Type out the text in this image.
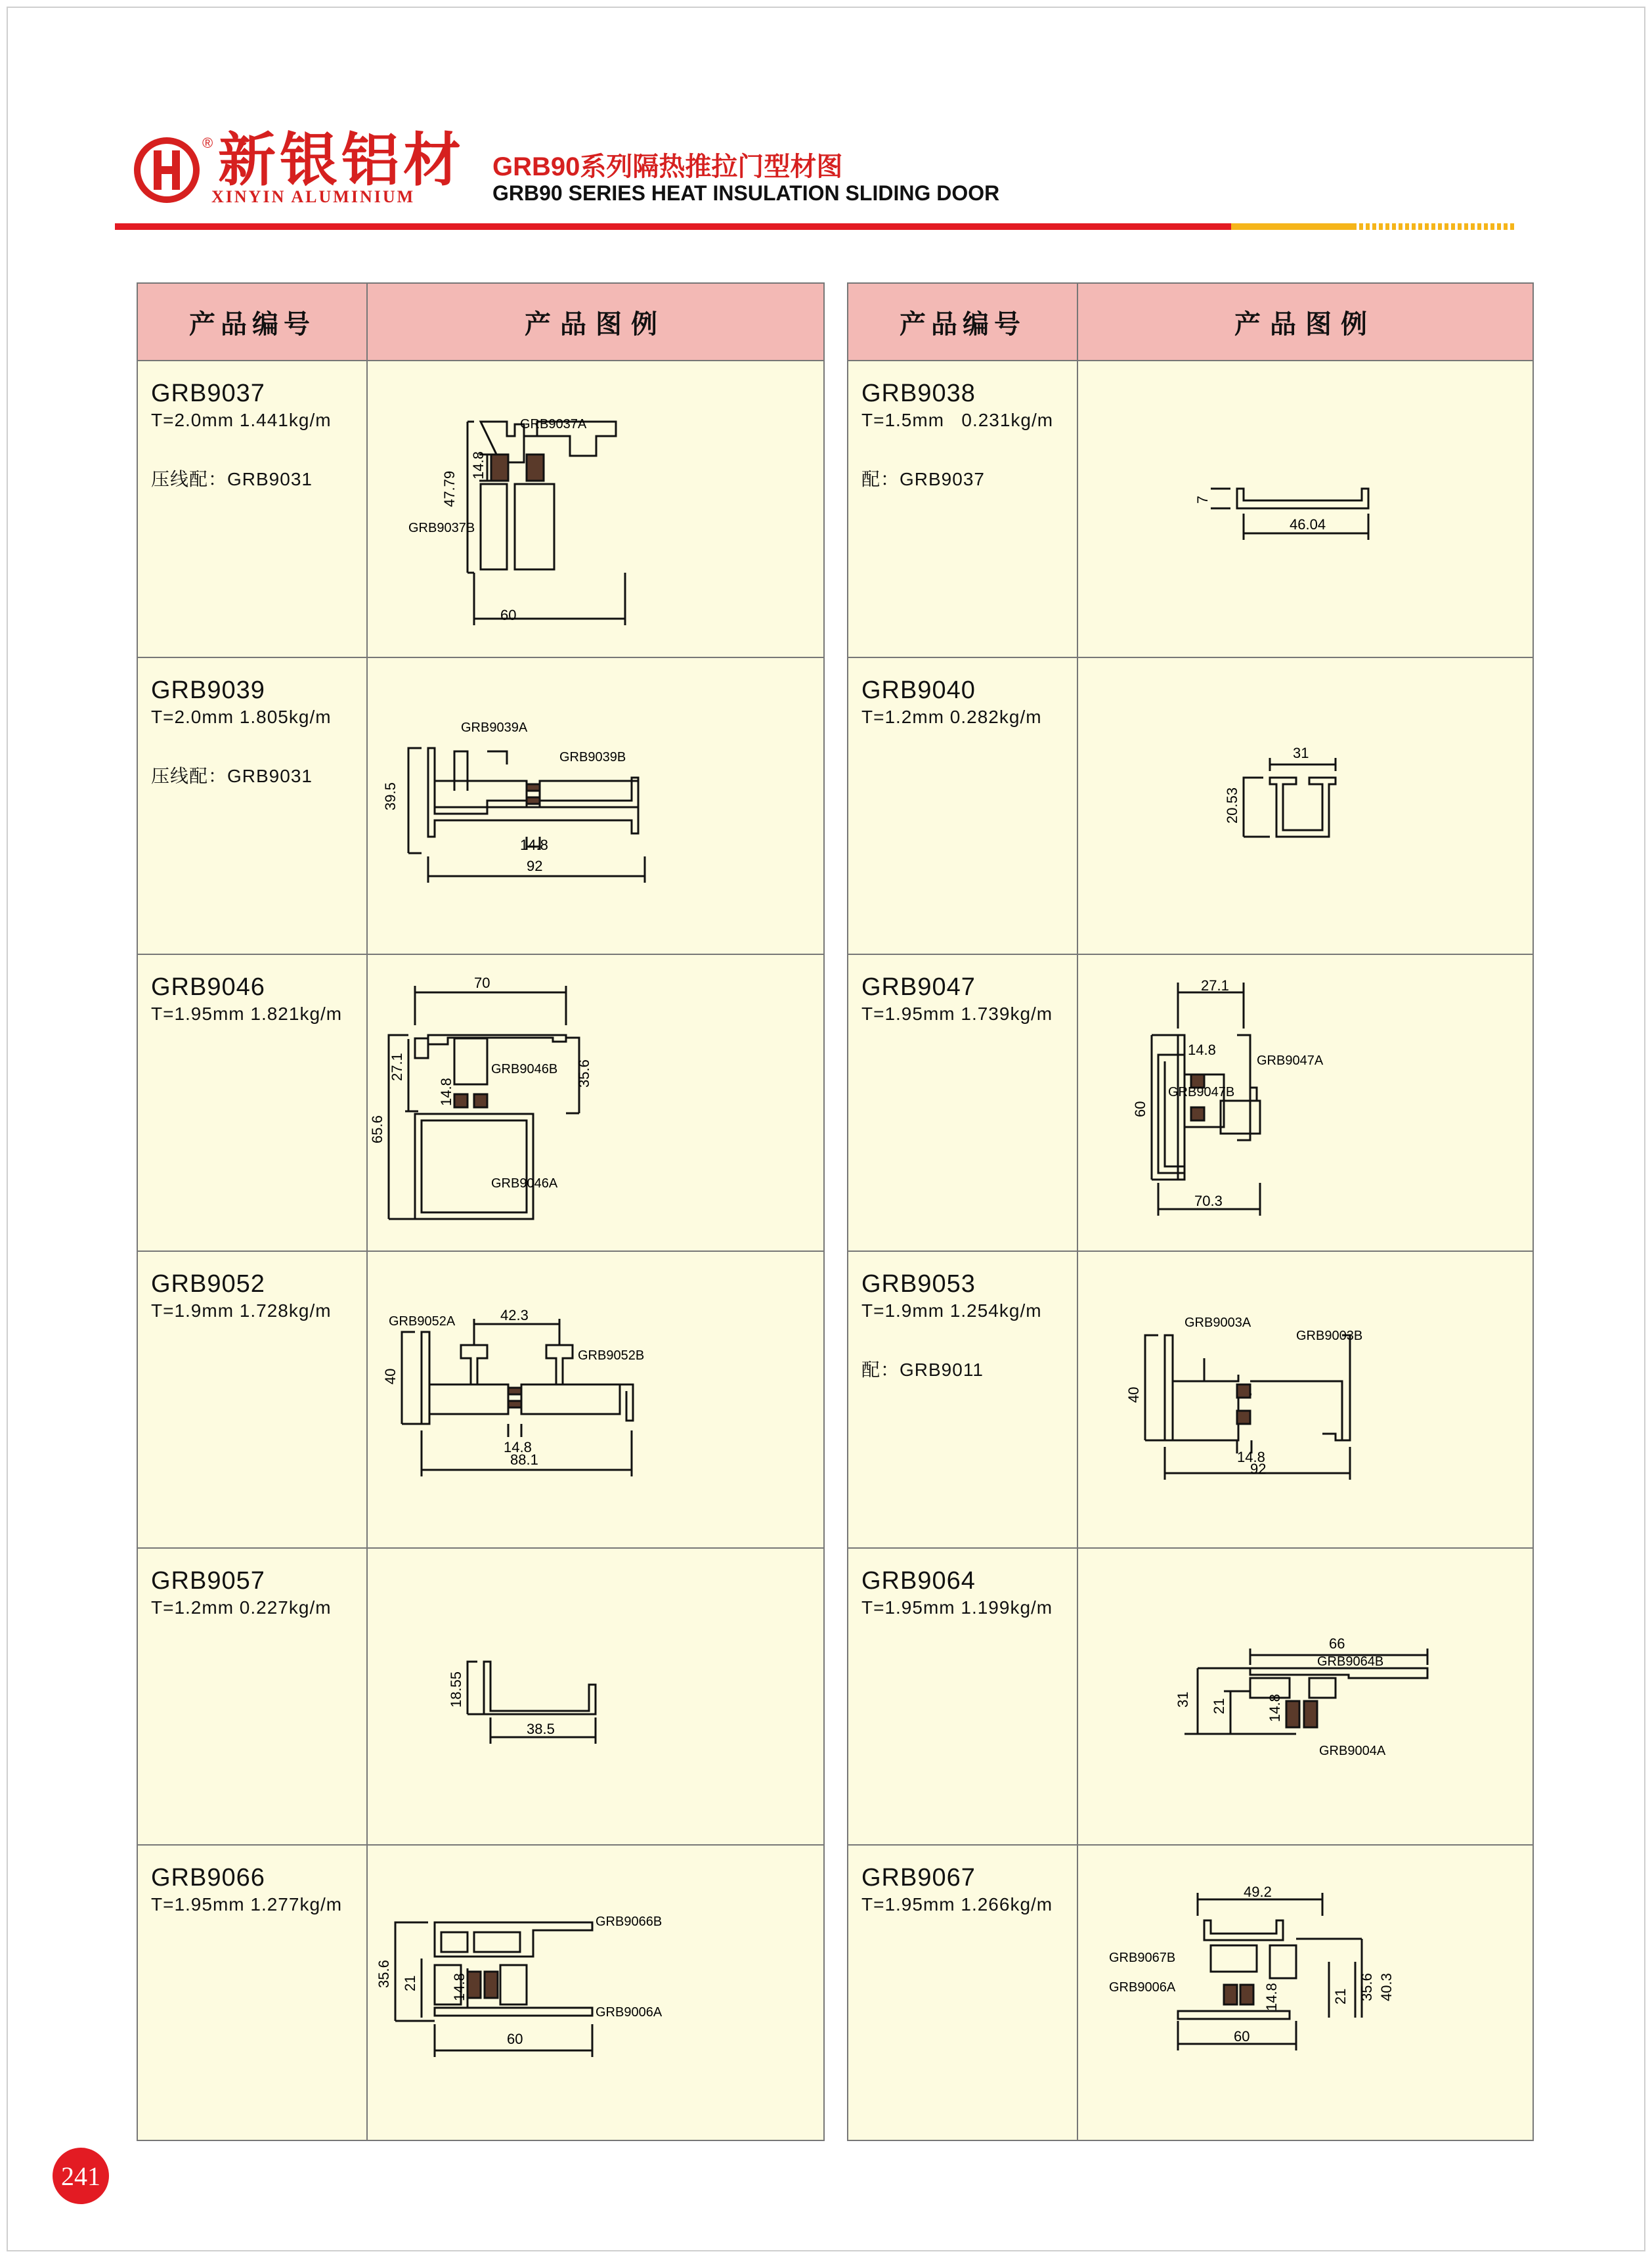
® 新银铝材
XINYIN ALUMINIUM
GRB90系列隔热推拉门型材图
GRB90 SERIES HEAT INSULATION SLIDING DOOR
产品编号	产品图例
GRB9037
T=2.0mm 1.441kg/m
压线配：GRB9031
60
47.79
14.8
GRB9037A
GRB9037B
GRB9039
T=2.0mm 1.805kg/m
压线配：GRB9031
92
39.5
14.8
GRB9039A
GRB9039B
GRB9046
T=1.95mm 1.821kg/m
70
27.1
14.8
35.6
65.6
GRB9046B
GRB9046A
GRB9052
T=1.9mm 1.728kg/m	42.3
40
14.8
88.1
GRB9052A
GRB9052B
GRB9057
T=1.2mm 0.227kg/m
18.55
38.5
GRB9066
T=1.95mm 1.277kg/m
60
35.6 21 14.8
GRB9066B
GRB9006A
产品编号	产品图例
GRB9038
T=1.5mm   0.231kg/m
配：GRB9037
7
46.04
GRB9040
T=1.2mm 0.282kg/m
31
20.53
GRB9047
T=1.95mm 1.739kg/m
27.1
14.8
60
70.3
GRB9047A
GRB9047B
GRB9053
T=1.9mm 1.254kg/m
配：GRB9011
40
14.8
92
GRB9003A
GRB9003B
GRB9064
T=1.95mm 1.199kg/m
66
31 21	14.8
GRB9064B
GRB9004A
GRB9067
T=1.95mm 1.266kg/m
49.2
21 35.6 40.3
14.8
60
GRB9067B
GRB9006A
241
